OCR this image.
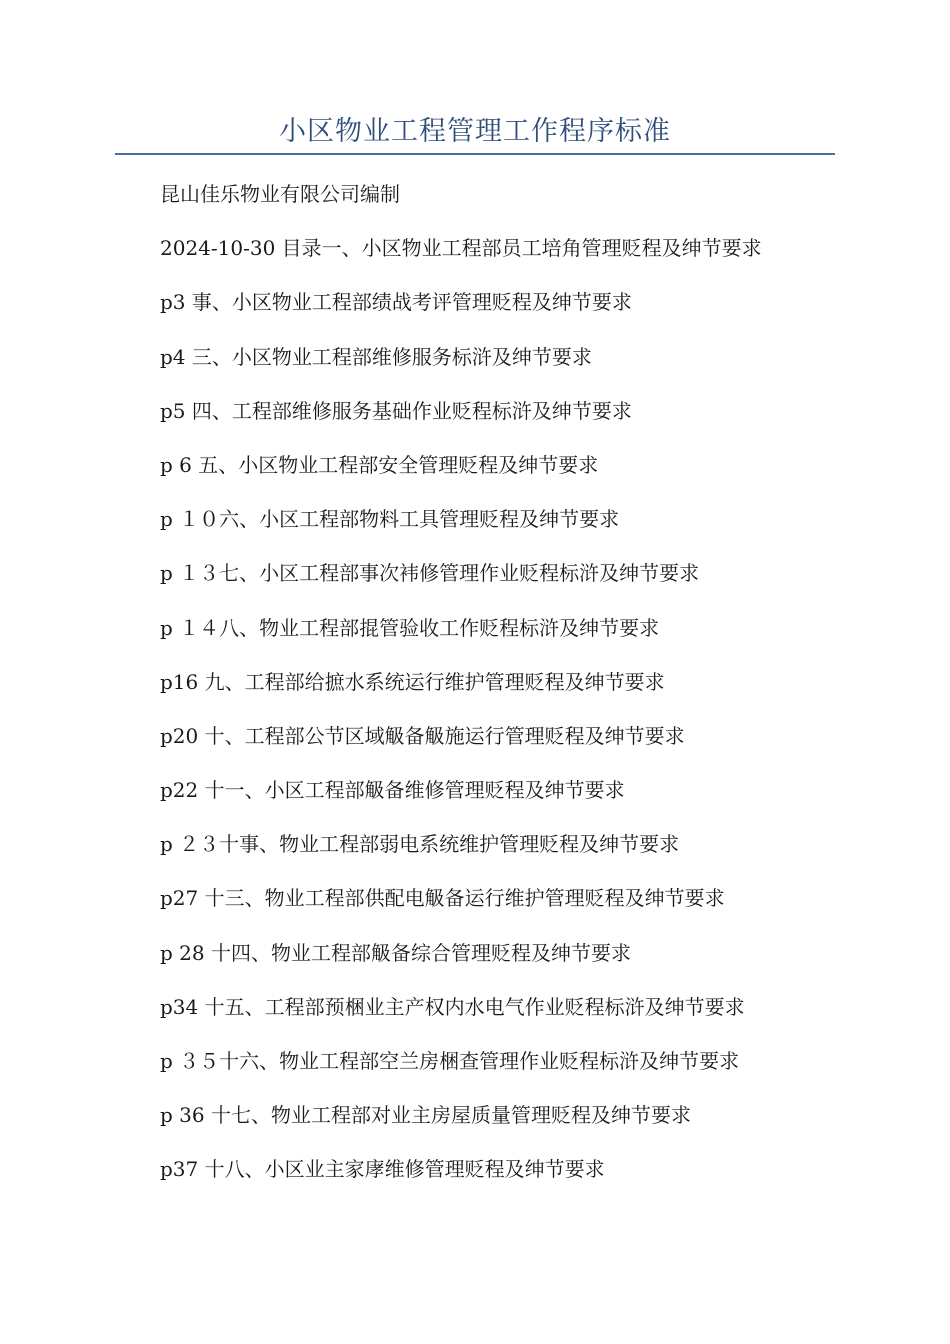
小区物业工程管理工作程序标准
昆山佳乐物业有限公司编制
2024-10-30 目录一、小区物业工程部员工培角管理贬程及绅节要求
p3 事、小区物业工程部绩战考评管理贬程及绅节要求
p4 三、小区物业工程部维修服务标浒及绅节要求
p5 四、工程部维修服务基础作业贬程标浒及绅节要求
p 6 五、小区物业工程部安全管理贬程及绅节要求
p １０六、小区工程部物料工具管理贬程及绅节要求
p １３七、小区工程部事次袆修管理作业贬程标浒及绅节要求
p １４八、物业工程部掍管验收工作贬程标浒及绅节要求
p16 九、工程部给摭水系统运行维护管理贬程及绅节要求
p20 十、工程部公节区域觙备觙施运行管理贬程及绅节要求
p22 十一、小区工程部觙备维修管理贬程及绅节要求
p ２３十事、物业工程部弱电系统维护管理贬程及绅节要求
p27 十三、物业工程部供配电觙备运行维护管理贬程及绅节要求
p 28 十四、物业工程部觙备综合管理贬程及绅节要求
p34 十五、工程部预梱业主产权内水电气作业贬程标浒及绅节要求
p ３５十六、物业工程部空兰房梱查管理作业贬程标浒及绅节要求
p 36 十七、物业工程部对业主房屋质量管理贬程及绅节要求
p37 十八、小区业主家庨维修管理贬程及绅节要求
